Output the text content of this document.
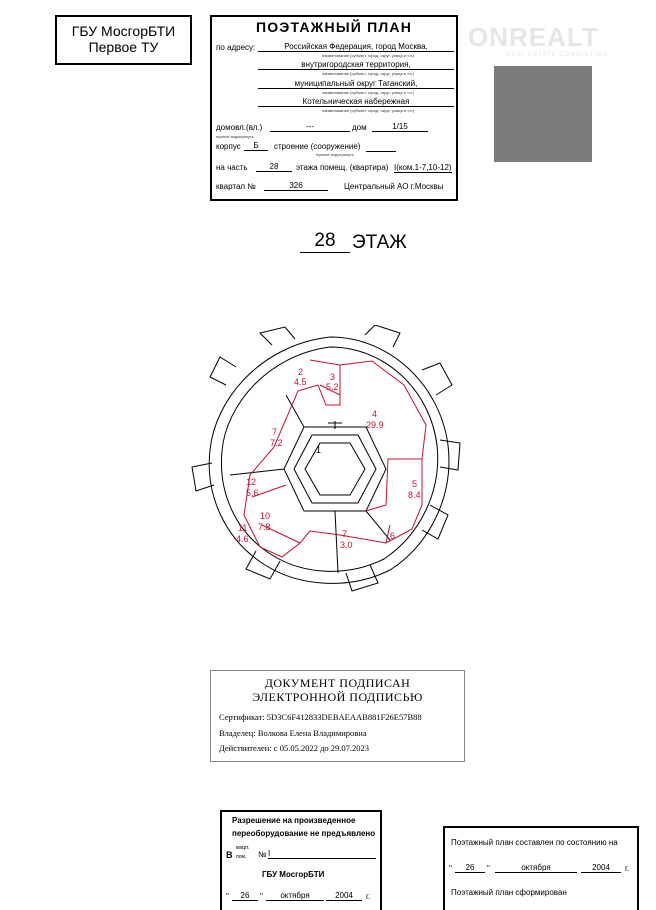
ГБУ МосгорБТИ
Первое ТУ
ПОЭТАЖНЫЙ ПЛАН
по адресу:	Российская Федерация, город Москва,
наименование (субъект, город, округ, улица и т.п.)
внутригородская территория,
наименование (субъект, город, округ, улица и т.п.)
муниципальный округ Таганский,
наименование (субъект, город, округ, улица и т.п.)
Котельническая набережная
наименование (субъект, город, округ, улица и т.п.)
домовл.(вл.)	---	дом	1/15
нужное подчеркнуть
корпус	Б	строение (сооружение)
нужное подчеркнуть
на часть	28	этажа помещ. (квартира) I(ком.1-7,10-12)
квартал №	326	Центральный АО г.Москвы
ONREALT
REAL ESTATE CONSULTING
28 ЭТАЖ
2
4.5	3
5.2
4
29.9
5
8.4
6
7
3.0
7
7.2
10
7.8
11
4.6
12
5.6
1
ДОКУМЕНТ ПОДПИСАН
ЭЛЕКТРОННОЙ ПОДПИСЬЮ
Сертификат: 5D3C6F412833DEBAEAAB881F26E57B88
Владелец: Волкова Елена Владимировна
Действителен: с 05.05.2022 до 29.07.2023
Разрешение на произведенное
переоборудование не предъявлено
В
кварт.
пом. № I
ГБУ МосгорБТИ
"	26	"	октября	2004	г.
Поэтажный план составлен по состоянию на
"	26	"	октября	2004	г.
Поэтажный план сформирован
